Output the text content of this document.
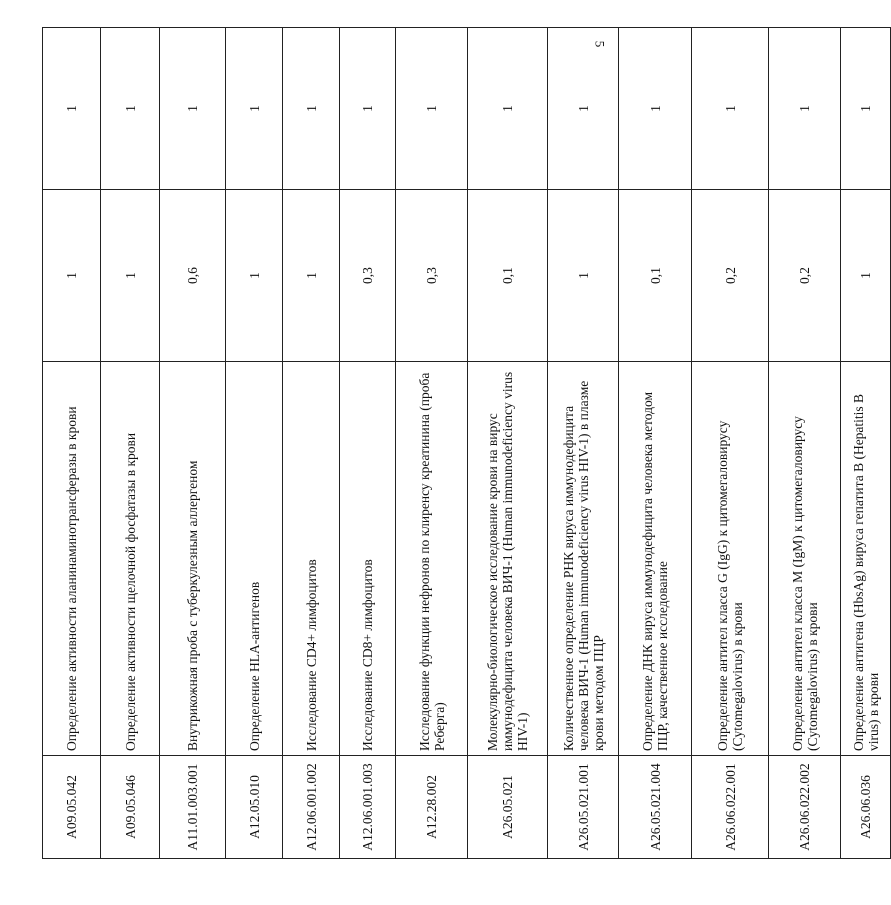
5
A09.05.042	Определение активности аланинаминотрансферазы в крови	1	1
A09.05.046	Определение активности щелочной фосфатазы в крови	1	1
A11.01.003.001	Внутрикожная проба с туберкулезным аллергеном	0,6	1
A12.05.010	Определение HLA-антигенов	1	1
A12.06.001.002	Исследование CD4+ лимфоцитов	1	1
A12.06.001.003	Исследование CD8+ лимфоцитов	0,3	1
A12.28.002	Исследование функции нефронов по клиренсу креатинина (проба Реберга)	0,3	1
A26.05.021	Молекулярно-биологическое исследование крови на вирус иммунодефицита человека ВИЧ-1 (Human immunodeficiency virus HIV-1)	0,1	1
A26.05.021.001	Количественное определение РНК вируса иммунодефицита человека ВИЧ-1 (Human immunodeficiency virus HIV-1) в плазме крови методом ПЦР	1	1
A26.05.021.004	Определение ДНК вируса иммунодефицита человека методом ПЦР, качественное исследование	0,1	1
A26.06.022.001	Определение антител класса G (IgG) к цитомегаловирусу (Cytomegalovirus) в крови	0,2	1
A26.06.022.002	Определение антител класса M (IgM) к цитомегаловирусу (Cytomegalovirus) в крови	0,2	1
A26.06.036	Определение антигена (HbsAg) вируса гепатита B (Hepatitis B virus) в крови	1	1
